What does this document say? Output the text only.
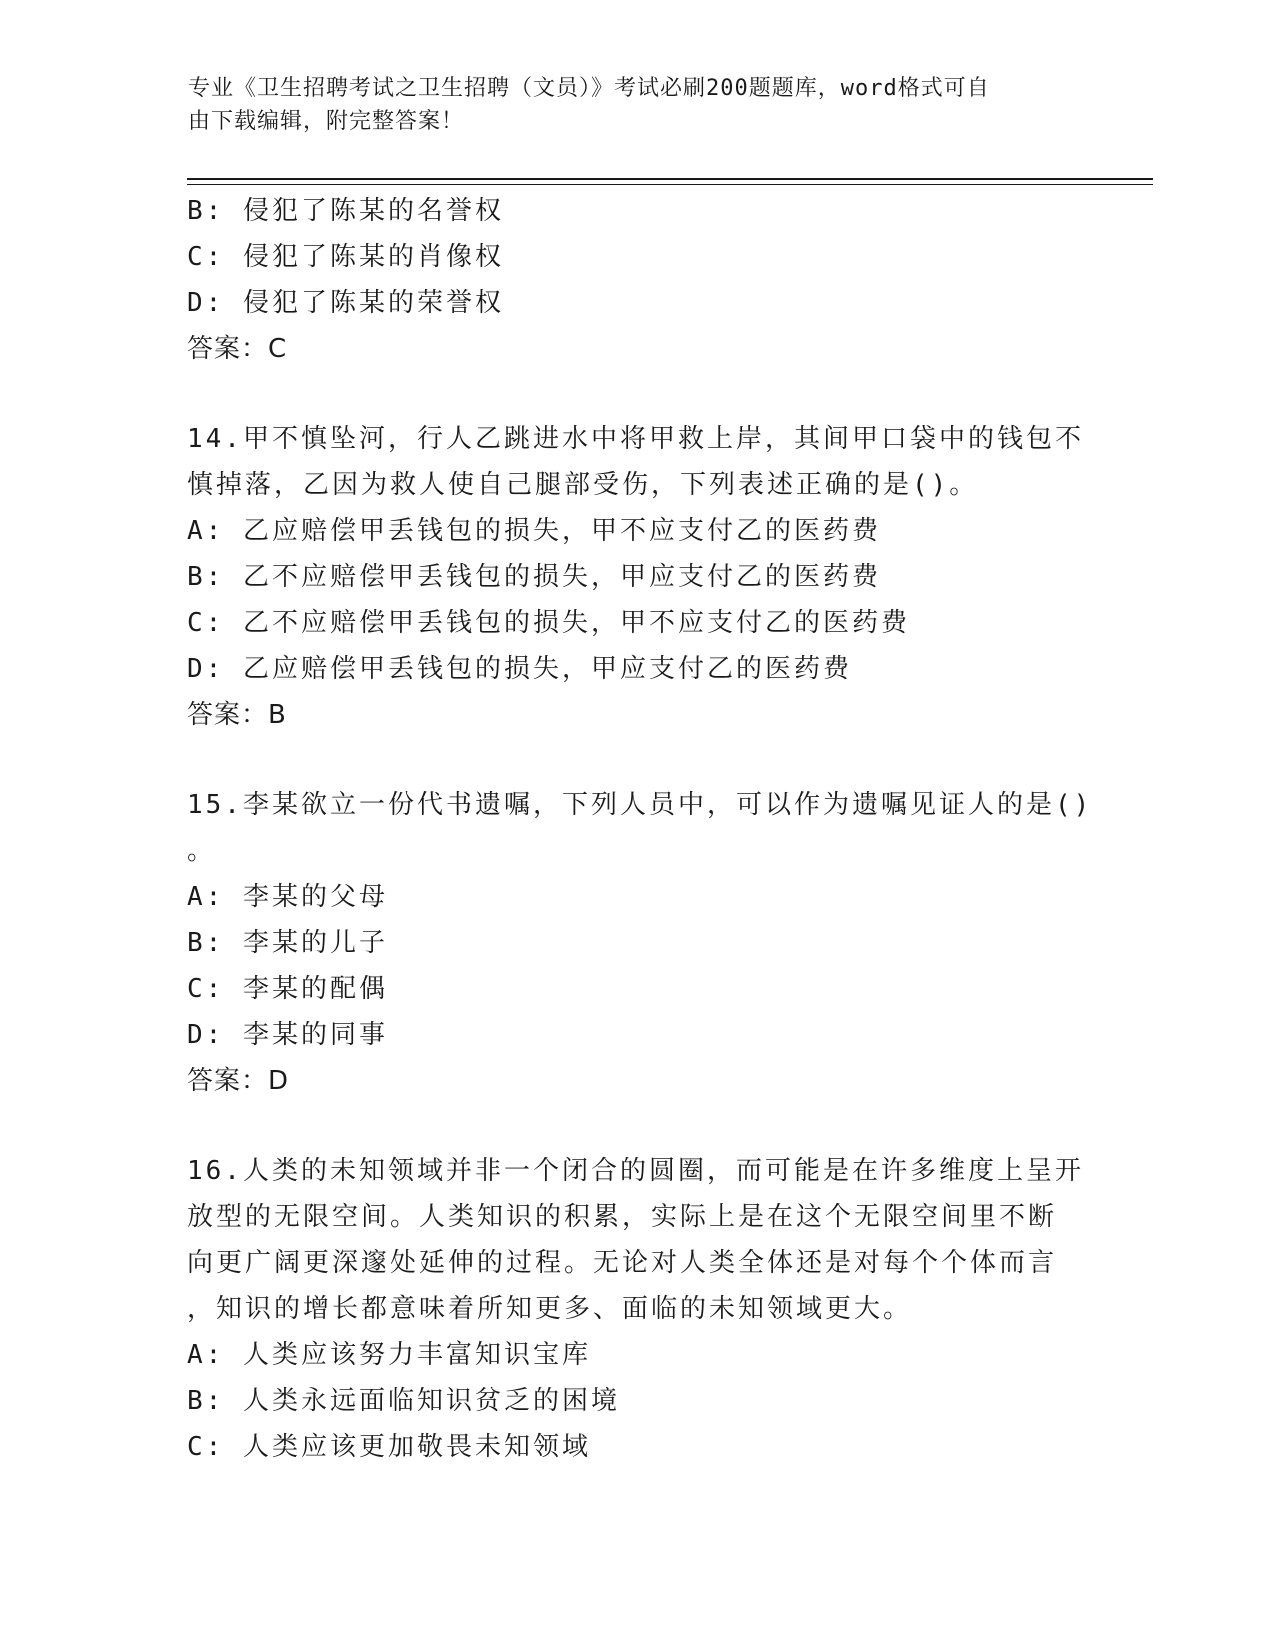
专业《卫生招聘考试之卫生招聘（文员）》考试必刷200题题库，word格式可自
由下载编辑，附完整答案！
B: 侵犯了陈某的名誉权
C: 侵犯了陈某的肖像权
D: 侵犯了陈某的荣誉权
答案：C
14.甲不慎坠河，行人乙跳进水中将甲救上岸，其间甲口袋中的钱包不
慎掉落，乙因为救人使自己腿部受伤，下列表述正确的是()。
A: 乙应赔偿甲丢钱包的损失，甲不应支付乙的医药费
B: 乙不应赔偿甲丢钱包的损失，甲应支付乙的医药费
C: 乙不应赔偿甲丢钱包的损失，甲不应支付乙的医药费
D: 乙应赔偿甲丢钱包的损失，甲应支付乙的医药费
答案：B
15.李某欲立一份代书遗嘱，下列人员中，可以作为遗嘱见证人的是()
。
A: 李某的父母
B: 李某的儿子
C: 李某的配偶
D: 李某的同事
答案：D
16.人类的未知领域并非一个闭合的圆圈，而可能是在许多维度上呈开
放型的无限空间。人类知识的积累，实际上是在这个无限空间里不断
向更广阔更深邃处延伸的过程。无论对人类全体还是对每个个体而言
，知识的增长都意味着所知更多、面临的未知领域更大。
A: 人类应该努力丰富知识宝库
B: 人类永远面临知识贫乏的困境
C: 人类应该更加敬畏未知领域
